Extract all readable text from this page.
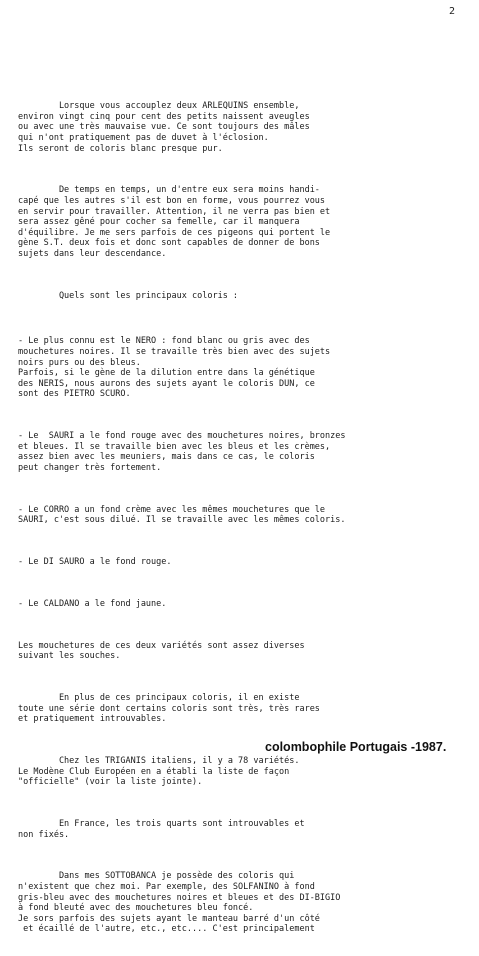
2

Lorsque vous accouplez deux ARLEQUINS ensemble,
environ vingt cinq pour cent des petits naissent aveugles
ou avec une très mauvaise vue. Ce sont toujours des mâles
qui n'ont pratiquement pas de duvet à l'éclosion.
Ils seront de coloris blanc presque pur.

De temps en temps, un d'entre eux sera moins handi-
capé que les autres s'il est bon en forme, vous pourrez vous
en servir pour travailler. Attention, il ne verra pas bien et
sera assez gêné pour cocher sa femelle, car il manquera
d'équilibre. Je me sers parfois de ces pigeons qui portent le
gène S.T. deux fois et donc sont capables de donner de bons
sujets dans leur descendance.

Quels sont les principaux coloris :

- Le plus connu est le NERO : fond blanc ou gris avec des
mouchetures noires. Il se travaille très bien avec des sujets
noirs purs ou des bleus.
Parfois, si le gène de la dilution entre dans la génétique
des NERIS, nous aurons des sujets ayant le coloris DUN, ce
sont des PIETRO SCURO.

- Le  SAURI a le fond rouge avec des mouchetures noires, bronzes
et bleues. Il se travaille bien avec les bleus et les crèmes,
assez bien avec les meuniers, mais dans ce cas, le coloris
peut changer très fortement.

- Le CORRO a un fond crème avec les mêmes mouchetures que le
SAURI, c'est sous dilué. Il se travaille avec les mêmes coloris.

- Le DI SAURO a le fond rouge.

- Le CALDANO a le fond jaune.

Les mouchetures de ces deux variétés sont assez diverses
suivant les souches.

En plus de ces principaux coloris, il en existe
toute une série dont certains coloris sont très, très rares
et pratiquement introuvables.

Chez les TRIGANIS italiens, il y a 78 variétés.
Le Modène Club Européen en a établi la liste de façon
"officielle" (voir la liste jointe).

En France, les trois quarts sont introuvables et
non fixés.

Dans mes SOTTOBANCA je possède des coloris qui
n'existent que chez moi. Par exemple, des SOLFANINO à fond
gris-bleu avec des mouchetures noires et bleues et des DI-BIGIO
à fond bleuté avec des mouchetures bleu foncé.
Je sors parfois des sujets ayant le manteau barré d'un côté
et écaillé de l'autre, etc., etc.... C'est principalement

colombophile Portugais -1987.
